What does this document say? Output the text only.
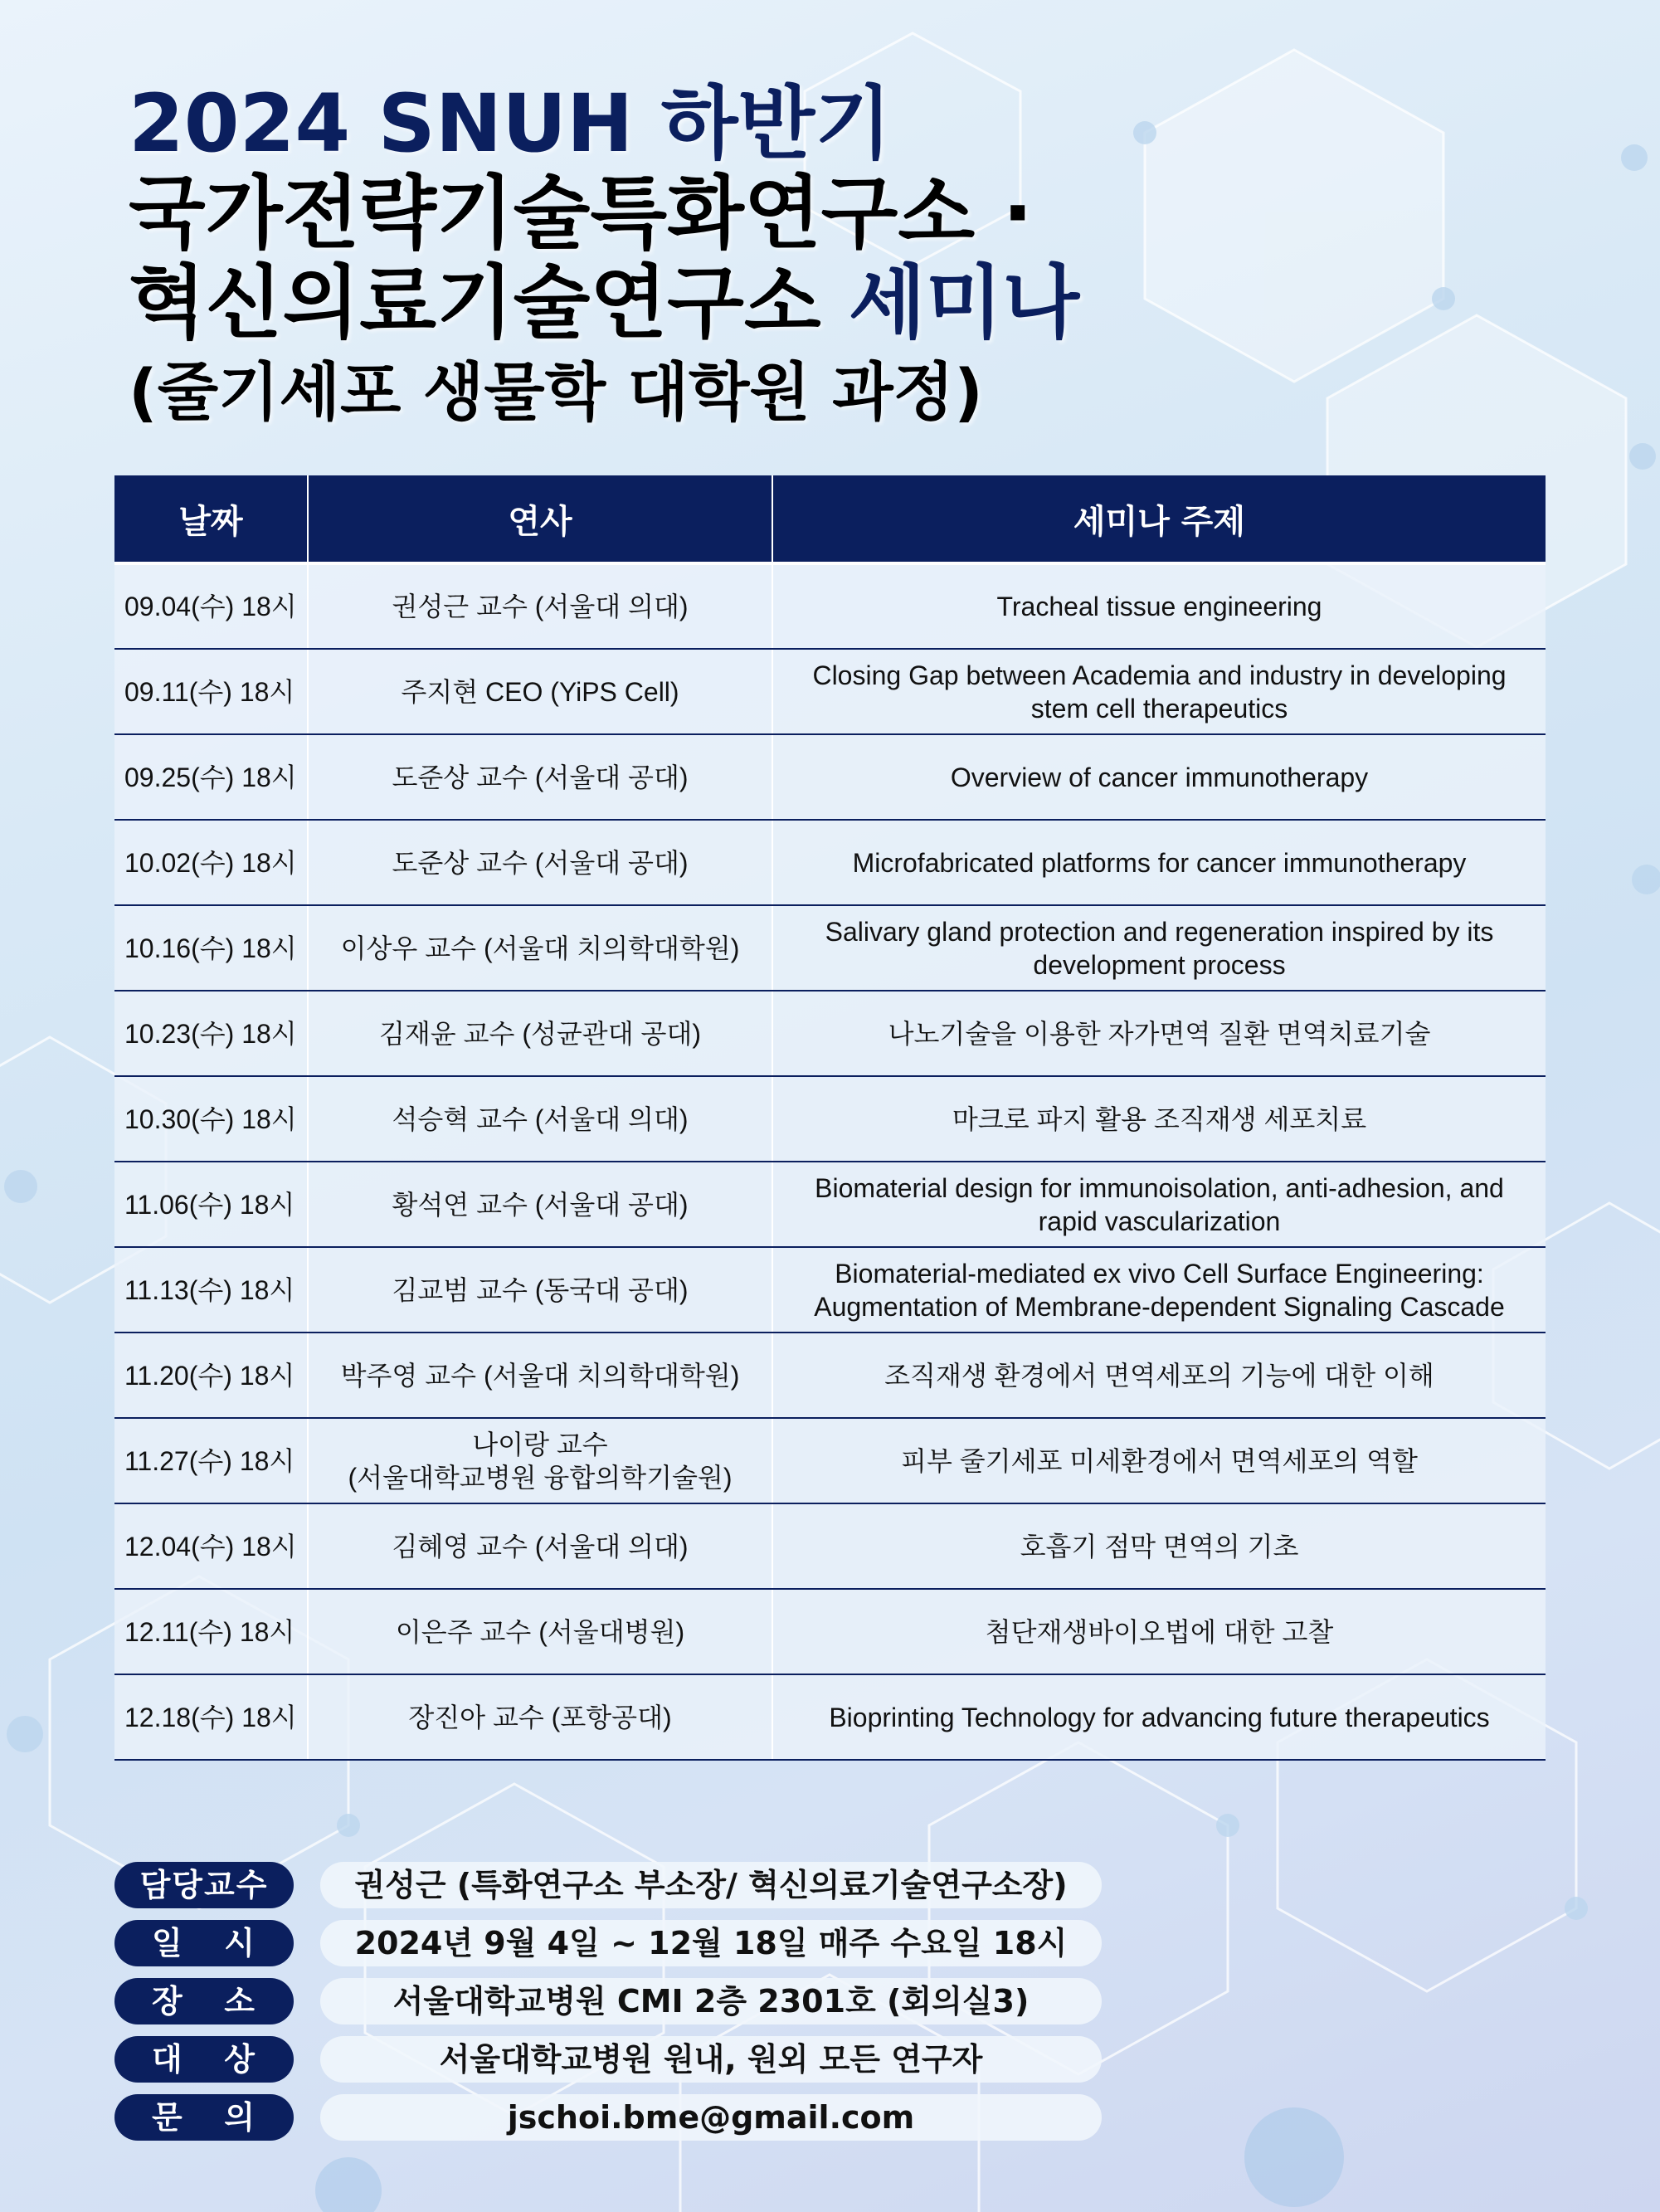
2024 SNUH 하반기
국가전략기술특화연구소 ·
혁신의료기술연구소 세미나
(줄기세포 생물학 대학원 과정)
날짜	연사	세미나 주제
09.04(수) 18시	권성근 교수 (서울대 의대)	Tracheal tissue engineering

09.11(수) 18시	주지현 CEO (YiPS Cell)	Closing Gap between Academia and industry in developing
stem cell therapeutics

09.25(수) 18시	도준상 교수 (서울대 공대)	Overview of cancer immunotherapy

10.02(수) 18시	도준상 교수 (서울대 공대)	Microfabricated platforms for cancer immunotherapy

10.16(수) 18시	이상우 교수 (서울대 치의학대학원)	Salivary gland protection and regeneration inspired by its
development process

10.23(수) 18시	김재윤 교수 (성균관대 공대)	나노기술을 이용한 자가면역 질환 면역치료기술

10.30(수) 18시	석승혁 교수 (서울대 의대)	마크로 파지 활용 조직재생 세포치료

11.06(수) 18시	황석연 교수 (서울대 공대)	Biomaterial design for immunoisolation, anti-adhesion, and
rapid vascularization

11.13(수) 18시	김교범 교수 (동국대 공대)	Biomaterial-mediated ex vivo Cell Surface Engineering:
Augmentation of Membrane-dependent Signaling Cascade

11.20(수) 18시	박주영 교수 (서울대 치의학대학원)	조직재생 환경에서 면역세포의 기능에 대한 이해

11.27(수) 18시	나이랑 교수
(서울대학교병원 융합의학기술원)	피부 줄기세포 미세환경에서 면역세포의 역할

12.04(수) 18시	김혜영 교수 (서울대 의대)	호흡기 점막 면역의 기초

12.11(수) 18시	이은주 교수 (서울대병원)	첨단재생바이오법에 대한 고찰

12.18(수) 18시	장진아 교수 (포항공대)	Bioprinting Technology for advancing future therapeutics
담당교수	권성근 (특화연구소 부소장/ 혁신의료기술연구소장)
일 시	2024년 9월 4일 ~ 12월 18일 매주 수요일 18시
장 소	서울대학교병원 CMI 2층 2301호 (회의실3)
대 상	서울대학교병원 원내, 원외 모든 연구자
문 의	jschoi.bme@gmail.com
